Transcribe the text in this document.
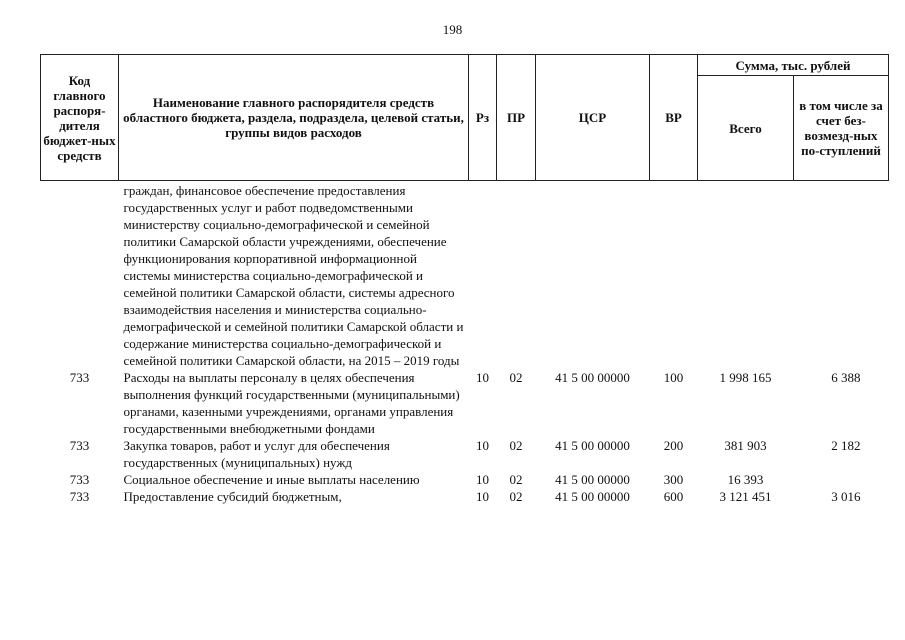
198
Код главного распоря-дителя бюджет-ных средств	Наименование главного распорядителя средств областного бюджета, раздела, подраздела, целевой статьи, группы видов расходов	Рз	ПР	ЦСР	ВР	Сумма, тыс. рублей	
						Всего	в том числе за счет без-возмезд-ных по-ступлений
	граждан, финансовое обеспечение предоставления государственных услуг и работ подведомственными министерству социально-демографической и семейной политики Самарской области учреждениями, обеспечение функционирования корпоративной информационной системы министерства социально-демографической и семейной политики Самарской области, системы адресного взаимодействия населения и министерства социально-демографической и семейной политики Самарской области и содержание министерства социально-демографической и семейной политики Самарской области, на 2015 – 2019 годы						
733	Расходы на выплаты персоналу в целях обеспечения выполнения функций государственными (муниципальными) органами, казенными учреждениями, органами управления государственными внебюджетными фондами	10	02	41 5 00 00000	100	1 998 165	6 388
733	Закупка товаров, работ и услуг для обеспечения государственных (муниципальных) нужд	10	02	41 5 00 00000	200	381 903	2 182
733	Социальное обеспечение и иные выплаты населению	10	02	41 5 00 00000	300	16 393	
733	Предоставление субсидий бюджетным,	10	02	41 5 00 00000	600	3 121 451	3 016
